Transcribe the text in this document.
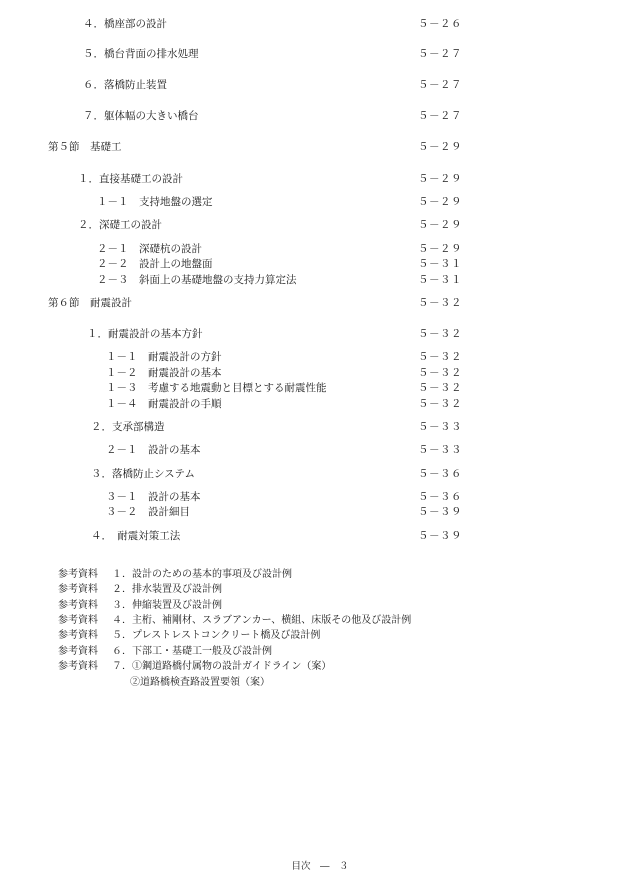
４．橋座部の設計	５－２６
５．橋台背面の排水処理	５－２７
６．落橋防止装置	５－２７
７．躯体幅の大きい橋台	５－２７
第５節　基礎工	５－２９
１．直接基礎工の設計	５－２９
１－１　支持地盤の選定	５－２９
２．深礎工の設計	５－２９
２－１　深礎杭の設計	５－２９
２－２　設計上の地盤面	５－３１
２－３　斜面上の基礎地盤の支持力算定法	５－３１
第６節　耐震設計	５－３２
１．耐震設計の基本方針	５－３２
１－１　耐震設計の方針	５－３２
１－２　耐震設計の基本	５－３２
１－３　考慮する地震動と目標とする耐震性能	５－３２
１－４　耐震設計の手順	５－３２
２．支承部構造	５－３３
２－１　設計の基本	５－３３
３．落橋防止システム	５－３６
３－１　設計の基本	５－３６
３－２　設計細目	５－３９
４．　耐震対策工法	５－３９
参考資料 １．設計のための基本的事項及び設計例
参考資料 ２．排水装置及び設計例
参考資料 ３．伸縮装置及び設計例
参考資料 ４．主桁、補剛材、スラブアンカー、横組、床版その他及び設計例
参考資料 ５．プレストレストコンクリート橋及び設計例
参考資料 ６．下部工・基礎工一般及び設計例
参考資料 ７．①鋼道路橋付属物の設計ガイドライン（案）
②道路橋検査路設置要領（案）
目次　―　３
